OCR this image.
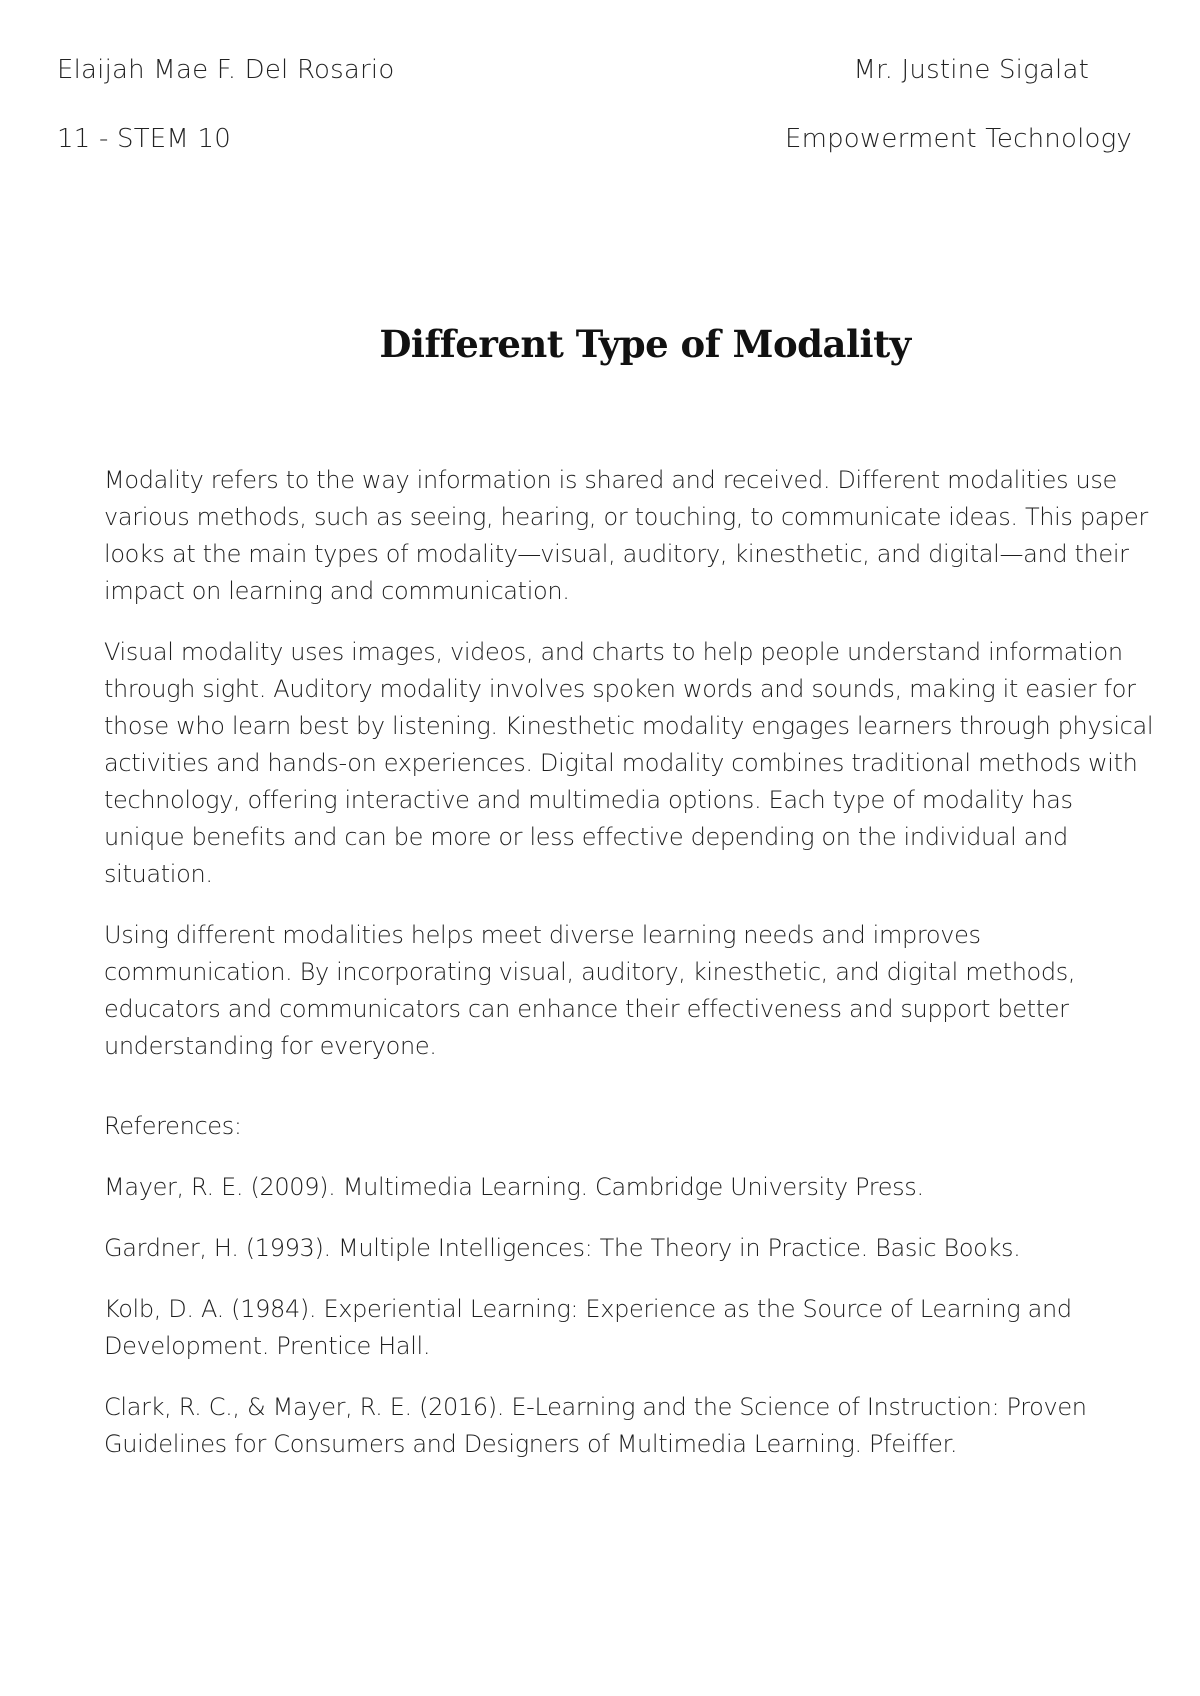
Elaijah Mae F. Del Rosario	Mr. Justine Sigalat
11 - STEM 10	Empowerment Technology
Different Type of Modality

Modality refers to the way information is shared and received. Different modalities use various methods, such as seeing, hearing, or touching, to communicate ideas. This paper looks at the main types of modality—visual, auditory, kinesthetic, and digital—and their impact on learning and communication.

Visual modality uses images, videos, and charts to help people understand information through sight. Auditory modality involves spoken words and sounds, making it easier for those who learn best by listening. Kinesthetic modality engages learners through physical activities and hands-on experiences. Digital modality combines traditional methods with technology, offering interactive and multimedia options. Each type of modality has unique benefits and can be more or less effective depending on the individual and situation.

Using different modalities helps meet diverse learning needs and improves communication. By incorporating visual, auditory, kinesthetic, and digital methods, educators and communicators can enhance their effectiveness and support better understanding for everyone.

References:

Mayer, R. E. (2009). Multimedia Learning. Cambridge University Press.

Gardner, H. (1993). Multiple Intelligences: The Theory in Practice. Basic Books.

Kolb, D. A. (1984). Experiential Learning: Experience as the Source of Learning and Development. Prentice Hall.

Clark, R. C., & Mayer, R. E. (2016). E-Learning and the Science of Instruction: Proven Guidelines for Consumers and Designers of Multimedia Learning. Pfeiffer.
